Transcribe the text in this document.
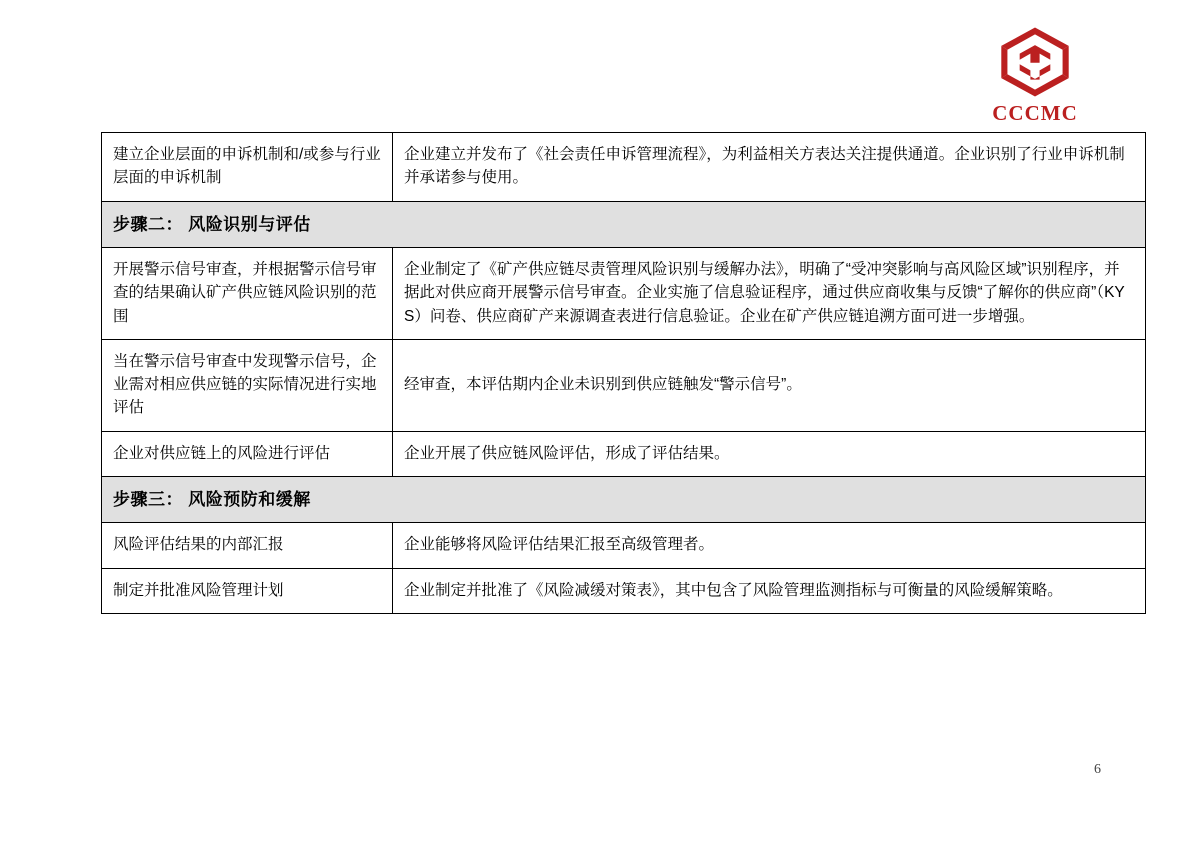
CCCMC
建立企业层面的申诉机制和/或参与行业层面的申诉机制	企业建立并发布了《社会责任申诉管理流程》，为利益相关方表达关注提供通道。企业识别了行业申诉机制并承诺参与使用。

步骤二： 风险识别与评估	

开展警示信号审查，并根据警示信号审查的结果确认矿产供应链风险识别的范围	企业制定了《矿产供应链尽责管理风险识别与缓解办法》，明确了“受冲突影响与高风险区域”识别程序，并据此对供应商开展警示信号审查。企业实施了信息验证程序，通过供应商收集与反馈“了解你的供应商”（KYS）问卷、供应商矿产来源调查表进行信息验证。企业在矿产供应链追溯方面可进一步增强。

当在警示信号审查中发现警示信号，企业需对相应供应链的实际情况进行实地评估	经审查，本评估期内企业未识别到供应链触发“警示信号”。

企业对供应链上的风险进行评估	企业开展了供应链风险评估，形成了评估结果。

步骤三： 风险预防和缓解	

风险评估结果的内部汇报	企业能够将风险评估结果汇报至高级管理者。

制定并批准风险管理计划	企业制定并批准了《风险减缓对策表》，其中包含了风险管理监测指标与可衡量的风险缓解策略。
6
